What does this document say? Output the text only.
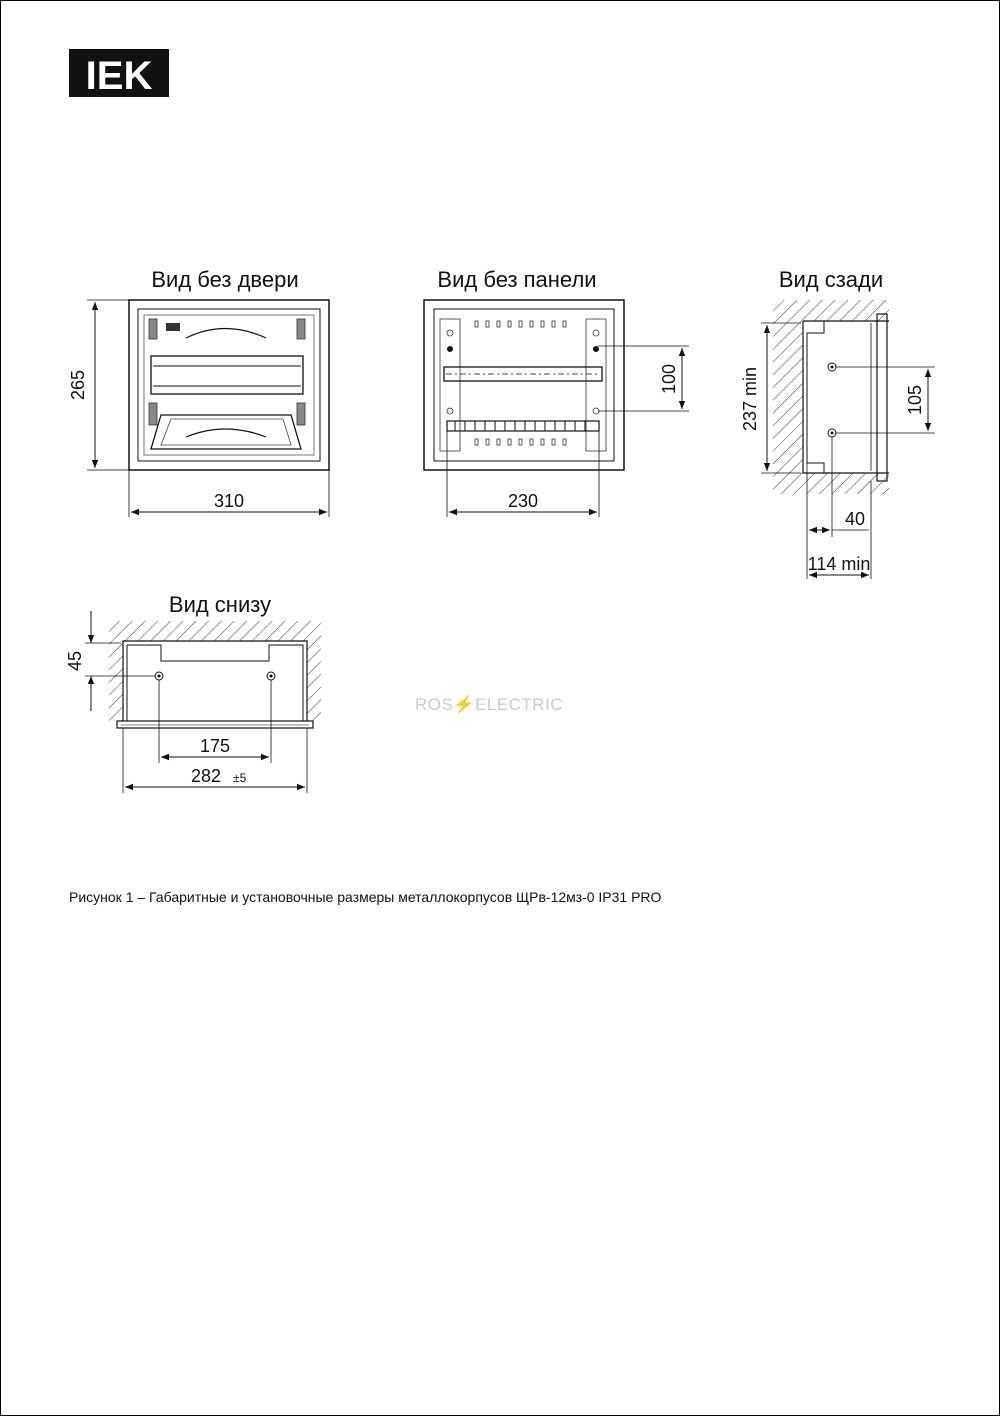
IEK
Вид без двери
265
310
Вид без панели
100
230
Вид сзади
237 min	105
40
114 min
Вид снизу
45
175
282 ±5
ROS⚡ELECTRIC
Рисунок 1 – Габаритные и установочные размеры металлокорпусов ЩРв-12мз-0 IP31 PRO
